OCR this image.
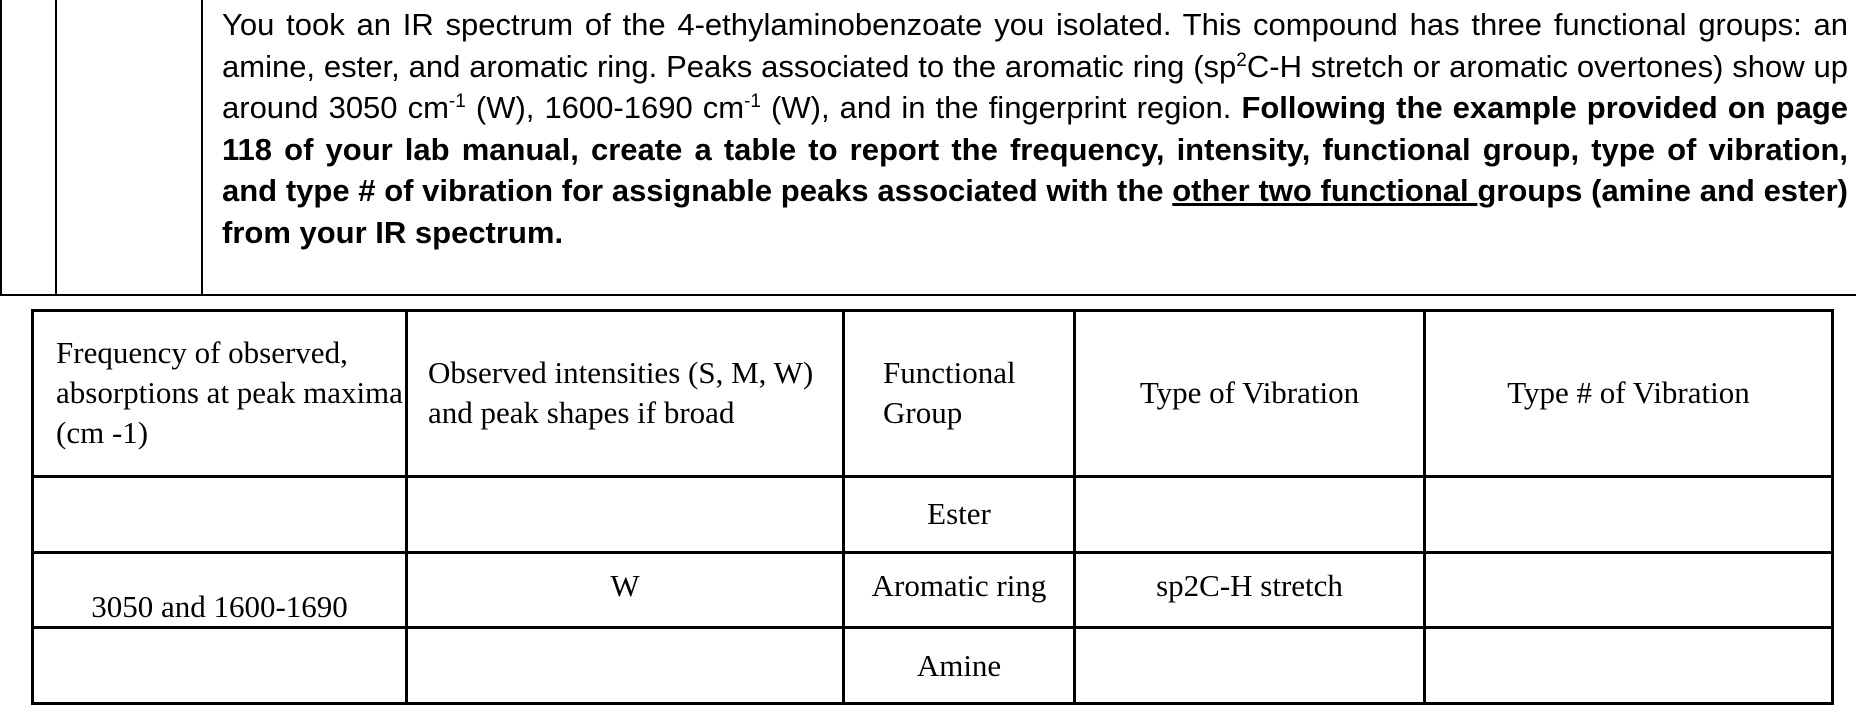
You took an IR spectrum of the 4-ethylaminobenzoate you isolated. This compound has three functional groups: an amine, ester, and aromatic ring. Peaks associated to the aromatic ring ($sp^2C-H$ stretch or aromatic overtones) show up around 3050 $cm^{-1}$ (W), 1600-1690 $cm^{-1}$ (W), and in the fingerprint region. Following the example provided on page 118 of your lab manual, create a table to report the frequency, intensity, functional group, type of vibration, and type # of vibration for assignable peaks associated with the other two functional groups (amine and ester) from your IR spectrum.
Frequency of observed, absorptions at peak maxima (cm -1)	Observed intensities (S, M, W) and peak shapes if broad	Functional Group	Type of Vibration	Type # of Vibration
		Ester		
3050 and 1600-1690	W	Aromatic ring	sp2C-H stretch	
		Amine		
